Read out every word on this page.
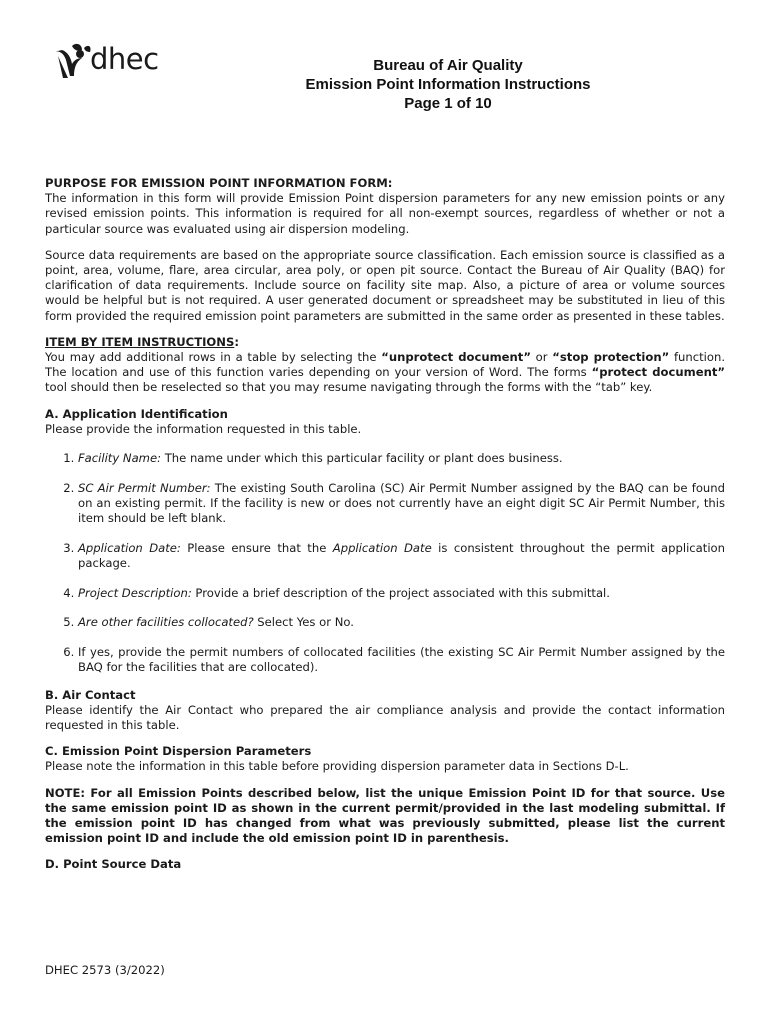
dhec	Bureau of Air Quality
Emission Point Information Instructions
Page 1 of 10

PURPOSE FOR EMISSION POINT INFORMATION FORM:

The information in this form will provide Emission Point dispersion parameters for any new emission points or any revised emission points. This information is required for all non-exempt sources, regardless of whether or not a particular source was evaluated using air dispersion modeling.

Source data requirements are based on the appropriate source classification. Each emission source is classified as a point, area, volume, flare, area circular, area poly, or open pit source. Contact the Bureau of Air Quality (BAQ) for clarification of data requirements. Include source on facility site map. Also, a picture of area or volume sources would be helpful but is not required. A user generated document or spreadsheet may be substituted in lieu of this form provided the required emission point parameters are submitted in the same order as presented in these tables.

ITEM BY ITEM INSTRUCTIONS:

You may add additional rows in a table by selecting the “unprotect document” or “stop protection” function. The location and use of this function varies depending on your version of Word. The forms “protect document” tool should then be reselected so that you may resume navigating through the forms with the “tab” key.

A. Application Identification

Please provide the information requested in this table.

1. Facility Name: The name under which this particular facility or plant does business.
2. SC Air Permit Number: The existing South Carolina (SC) Air Permit Number assigned by the BAQ can be found on an existing permit. If the facility is new or does not currently have an eight digit SC Air Permit Number, this item should be left blank.
3. Application Date: Please ensure that the Application Date is consistent throughout the permit application package.
4. Project Description: Provide a brief description of the project associated with this submittal.
5. Are other facilities collocated? Select Yes or No.
6. If yes, provide the permit numbers of collocated facilities (the existing SC Air Permit Number assigned by the BAQ for the facilities that are collocated).

B. Air Contact

Please identify the Air Contact who prepared the air compliance analysis and provide the contact information requested in this table.

C. Emission Point Dispersion Parameters

Please note the information in this table before providing dispersion parameter data in Sections D-L.

NOTE: For all Emission Points described below, list the unique Emission Point ID for that source. Use the same emission point ID as shown in the current permit/provided in the last modeling submittal. If the emission point ID has changed from what was previously submitted, please list the current emission point ID and include the old emission point ID in parenthesis.

D. Point Source Data

DHEC 2573 (3/2022)
